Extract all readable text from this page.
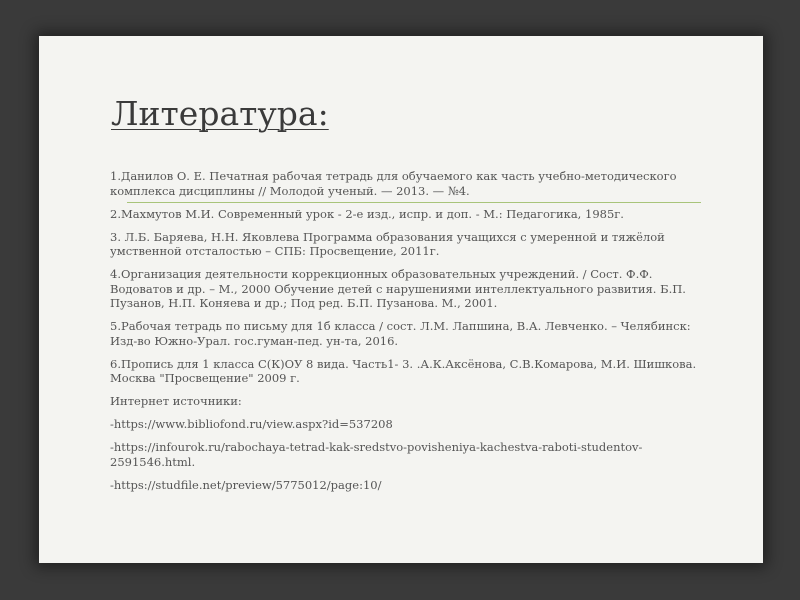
Литература:
1.Данилов О. Е. Печатная рабочая тетрадь для обучаемого как часть учебно-методического комплекса дисциплины // Молодой ученый. — 2013. — №4.
2.Махмутов М.И. Современный урок - 2-е изд., испр. и доп. - М.: Педагогика, 1985г.
3. Л.Б. Баряева, Н.Н. Яковлева Программа образования учащихся с умеренной и тяжёлой умственной отсталостью – СПБ: Просвещение, 2011г.
4.Организация деятельности коррекционных образовательных учреждений. / Сост. Ф.Ф. Водоватов и др. – М., 2000 Обучение детей с нарушениями интеллектуального развития. Б.П. Пузанов, Н.П. Коняева и др.; Под ред. Б.П. Пузанова. М., 2001.
5.Рабочая тетрадь по письму для 1б класса / сост. Л.М. Лапшина, В.А. Левченко. – Челябинск: Изд-во Южно-Урал. гос.гуман-пед. ун-та, 2016.
6.Пропись для 1 класса С(К)ОУ 8 вида. Часть1- 3. .А.К.Аксёнова, С.В.Комарова, М.И. Шишкова. Москва "Просвещение" 2009 г.
Интернет источники:
-https://www.bibliofond.ru/view.aspx?id=537208
-https://infourok.ru/rabochaya-tetrad-kak-sredstvo-povisheniya-kachestva-raboti-studentov-2591546.html.
-https://studfile.net/preview/5775012/page:10/
